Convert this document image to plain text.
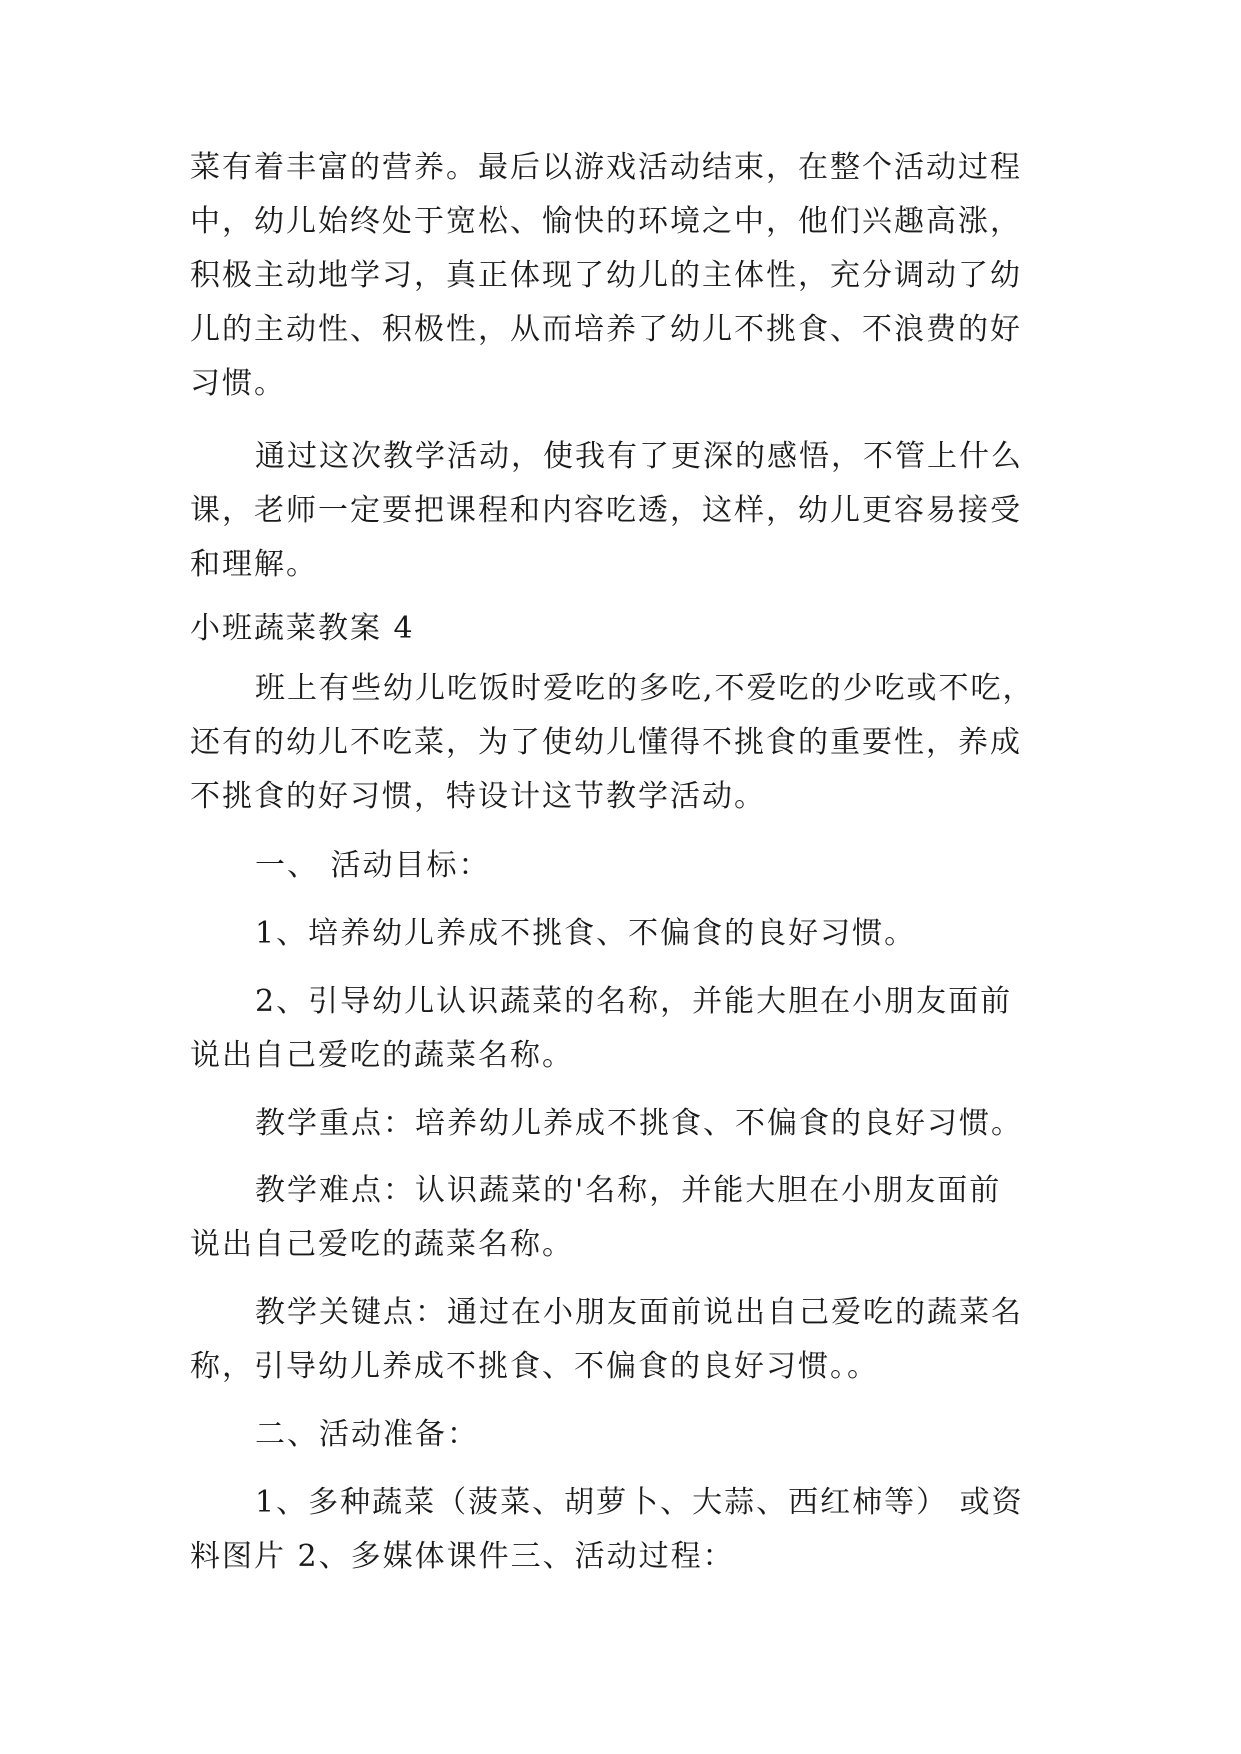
菜有着丰富的营养。最后以游戏活动结束，在整个活动过程
中，幼儿始终处于宽松、愉快的环境之中，他们兴趣高涨，
积极主动地学习，真正体现了幼儿的主体性，充分调动了幼
儿的主动性、积极性，从而培养了幼儿不挑食、不浪费的好
习惯。
通过这次教学活动，使我有了更深的感悟，不管上什么
课，老师一定要把课程和内容吃透，这样，幼儿更容易接受
和理解。
小班蔬菜教案 4
班上有些幼儿吃饭时爱吃的多吃,不爱吃的少吃或不吃，
还有的幼儿不吃菜，为了使幼儿懂得不挑食的重要性，养成
不挑食的好习惯，特设计这节教学活动。
一、 活动目标：
1、培养幼儿养成不挑食、不偏食的良好习惯。
2、引导幼儿认识蔬菜的名称，并能大胆在小朋友面前
说出自己爱吃的蔬菜名称。
教学重点：培养幼儿养成不挑食、不偏食的良好习惯。
教学难点：认识蔬菜的'名称，并能大胆在小朋友面前
说出自己爱吃的蔬菜名称。
教学关键点：通过在小朋友面前说出自己爱吃的蔬菜名
称，引导幼儿养成不挑食、不偏食的良好习惯。。
二、活动准备：
1、多种蔬菜（菠菜、胡萝卜、大蒜、西红柿等） 或资
料图片 2、多媒体课件三、活动过程：
